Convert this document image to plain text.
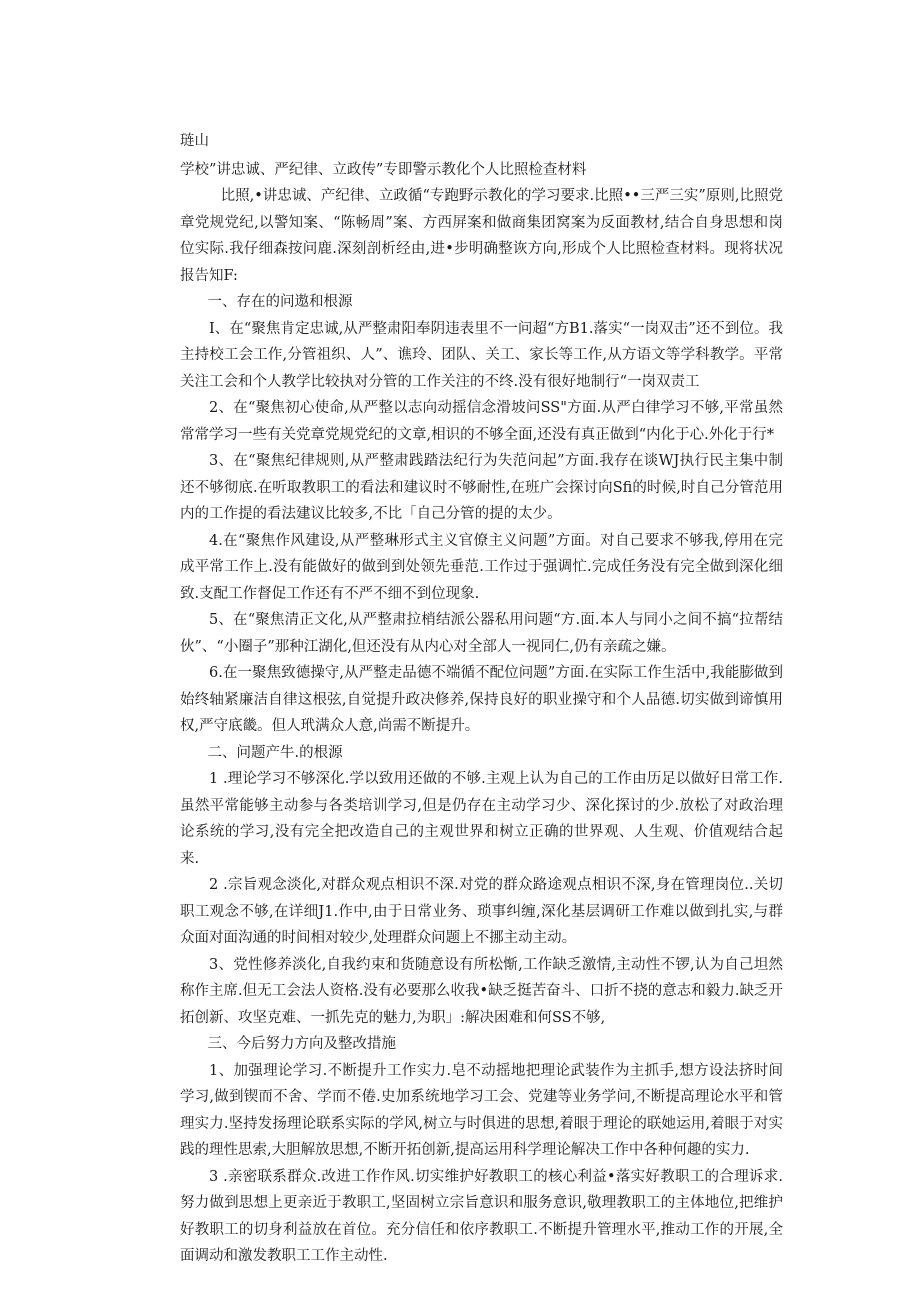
琏山
学校”讲忠诚、严纪律、立政传”专即警示教化个人比照检查材料

比照,•讲忠诚、产纪律、立政循“专跑野示教化的学习要求.比照••三严三实”原则,比照党章党规党纪,以警知案、“陈畅周”案、方西屏案和做商集团窝案为反面教材,结合自身思想和岗位实际.我仔细森按问鹿.深刻剖析经由,进•步明确整诙方向,形成个人比照检查材料。现将状况报告知F:

一、存在的问遨和根源

I、在“聚焦肯定忠诚,从严整肃阳奉阴违表里不一问超“方B1.落实“一岗双击”还不到位。我主持校工会工作,分管祖织、人”、谯玲、团队、关工、家长等工作,从方语文等学科教学。平常关注工会和个人教学比较执对分管的工作关注的不终.没有很好地制行“一岗双责工

2、在“聚焦初心使命,从严整以志向动摇信念滑坡问SS"方面.从严白律学习不够,平常虽然常常学习一些有关党章党规党纪的文章,相识的不够全面,还没有真正做到“内化于心.外化于行*

3、在“聚焦纪律规则,从严整肃践踏法纪行为失范问起”方面.我存在谈WJ执行民主集中制还不够彻底.在听取教职工的看法和建议时不够耐性,在班广会探讨向Sfi的时候,时自己分管范用内的工作提的看法建议比较多,不比「自己分管的提的太少。

4.在“聚焦作风建设,从严整琳形式主义官僚主义问题”方面。对自己要求不够我,停用在完成平常工作上.没有能做好的做到到处领先垂范.工作过于强调忙.完成任务没有完全做到深化细致.支配工作督促工作还有不严不细不到位现象.

5、在“聚焦清正文化,从严整肃拉梢结派公器私用问题“方.面.本人与同小之间不搞“拉帮结伙”、“小圈子”那种江湖化,但还没有从内心对全部人一视同仁,仍有亲疏之嫌。

6.在一聚焦致德操守,从严整走品德不端循不配位问题”方面.在实际工作生活中,我能膨做到始终轴紧廉洁自律这根弦,自觉提升政决修养,保持良好的职业操守和个人品德.切实做到谛慎用权,严守底畿。但人玳满众人意,尚需不断提升。

二、问题产牛.的根源

1 .理论学习不够深化.学以致用还做的不够.主观上认为自己的工作由历足以做好日常工作.虽然平常能够主动参与各类培训学习,但是仍存在主动学习少、深化探讨的少.放松了对政治理论系统的学习,没有完全把改造自己的主观世界和树立正确的世界观、人生观、价值观结合起来.

2 .宗旨观念淡化,对群众观点相识不深.对党的群众路途观点相识不深,身在管理岗位..关切职工观念不够,在详细J1.作中,由于日常业务、琐事纠缠,深化基层调研工作难以做到扎实,与群众面对面沟通的时间相对较少,处理群众问题上不挪主动主动。

3、党性修养淡化,自我约束和货随意设有所松惭,工作缺乏激情,主动性不锣,认为自己坦然称作主席.但无工会法人资格.没有必要那么收我•缺乏挺苦奋斗、口折不挠的意志和毅力.缺乏开拓创新、攻坚克难、一抓先克的魅力,为职」:解决困难和何SS不够,

三、今后努力方向及整改措施

1、加强理论学习.不断提升工作实力.皂不动摇地把理论武装作为主抓手,想方设法挤时间学习,做到锲而不舍、学而不倦.史加系统地学习工会、党建等业务学问,不断提高理论水平和管理实力.坚持发扬理论联系实际的学风,树立与时俱进的思想,着眼于理论的联她运用,着眼于对实践的理性思索,大胆解放思想,不断开拓创新,提高运用科学理论解决工作中各种何趣的实力.

3 .亲密联系群众.改进工作作风.切实维护好教职工的核心利益•落实好教职工的合理诉求.努力做到思想上更亲近于教职工,坚固树立宗旨意识和服务意识,敬理教职工的主体地位,把维护好教职工的切身利益放在首位。充分信任和依序教职工.不断提升管理水平,推动工作的开展,全面调动和激发教职工工作主动性.
